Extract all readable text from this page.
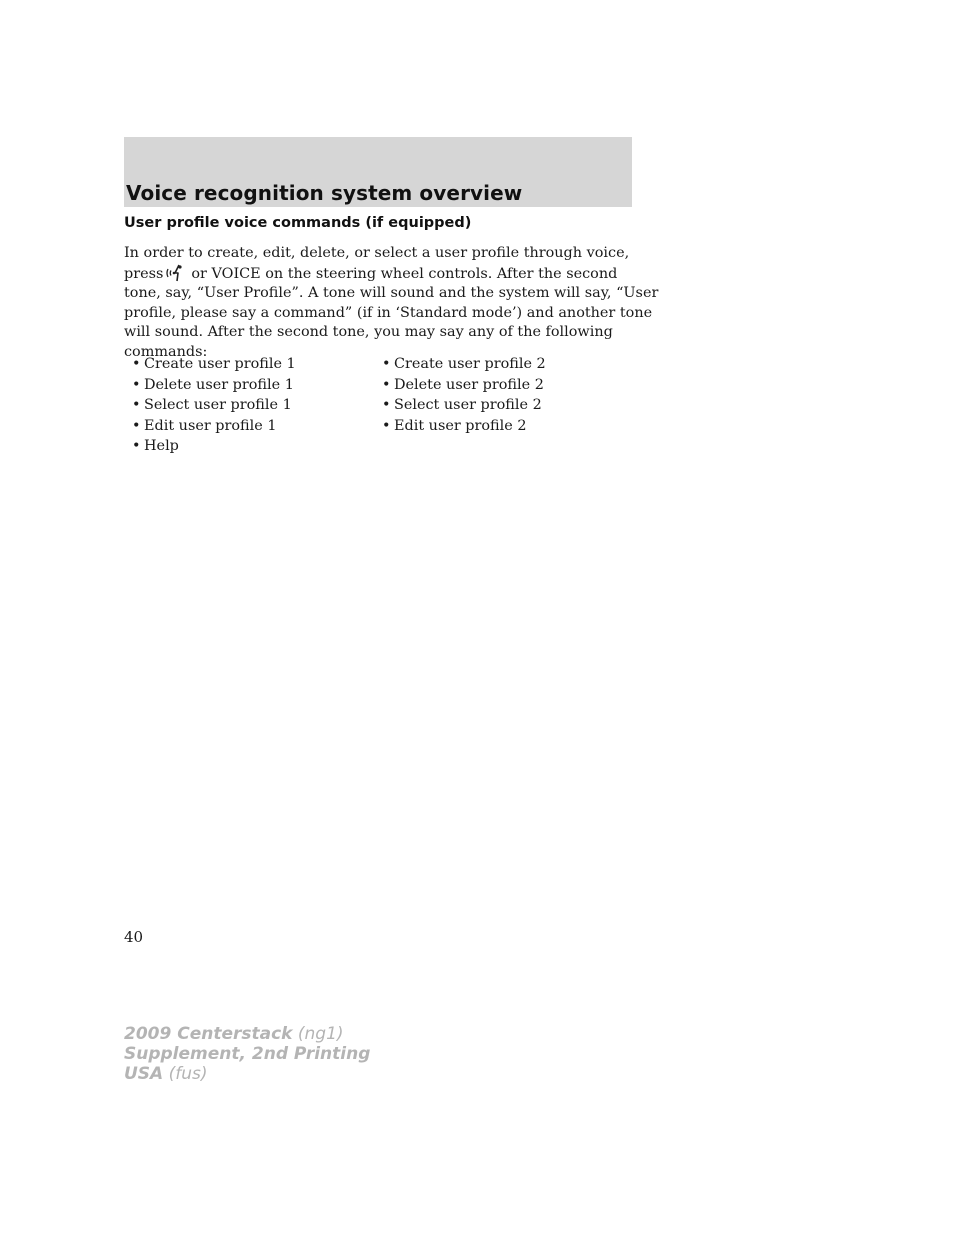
Voice recognition system overview
User profile voice commands (if equipped)

In order to create, edit, delete, or select a user profile through voice,

press or VOICE on the steering wheel controls. After the second

tone, say, “User Profile”. A tone will sound and the system will say, “User

profile, please say a command” (if in ‘Standard mode’) and another tone

will sound. After the second tone, you may say any of the following

commands:

• Create user profile 1
• Delete user profile 1
• Select user profile 1
• Edit user profile 1
• Help
• Create user profile 2
• Delete user profile 2
• Select user profile 2
• Edit user profile 2
40
2009 Centerstack (ng1)
Supplement, 2nd Printing
USA (fus)
